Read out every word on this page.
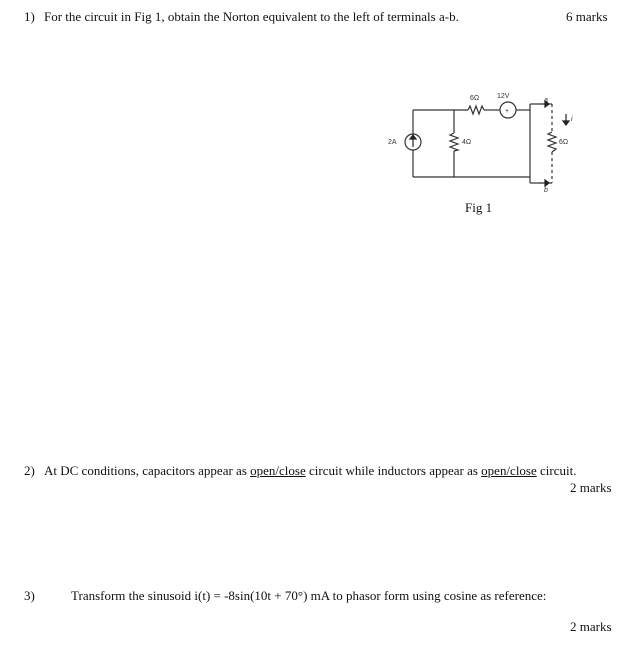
1) For the circuit in Fig 1, obtain the Norton equivalent to the left of terminals a-b.	6 marks
2A
6Ω	12V
+
4Ω	6Ω
a
b
i
Fig 1
2) At DC conditions, capacitors appear as open/close circuit while inductors appear as open/close circuit.
2 marks
3)	Transform the sinusoid i(t) = -8sin(10t + 70°) mA to phasor form using cosine as reference:
2 marks
